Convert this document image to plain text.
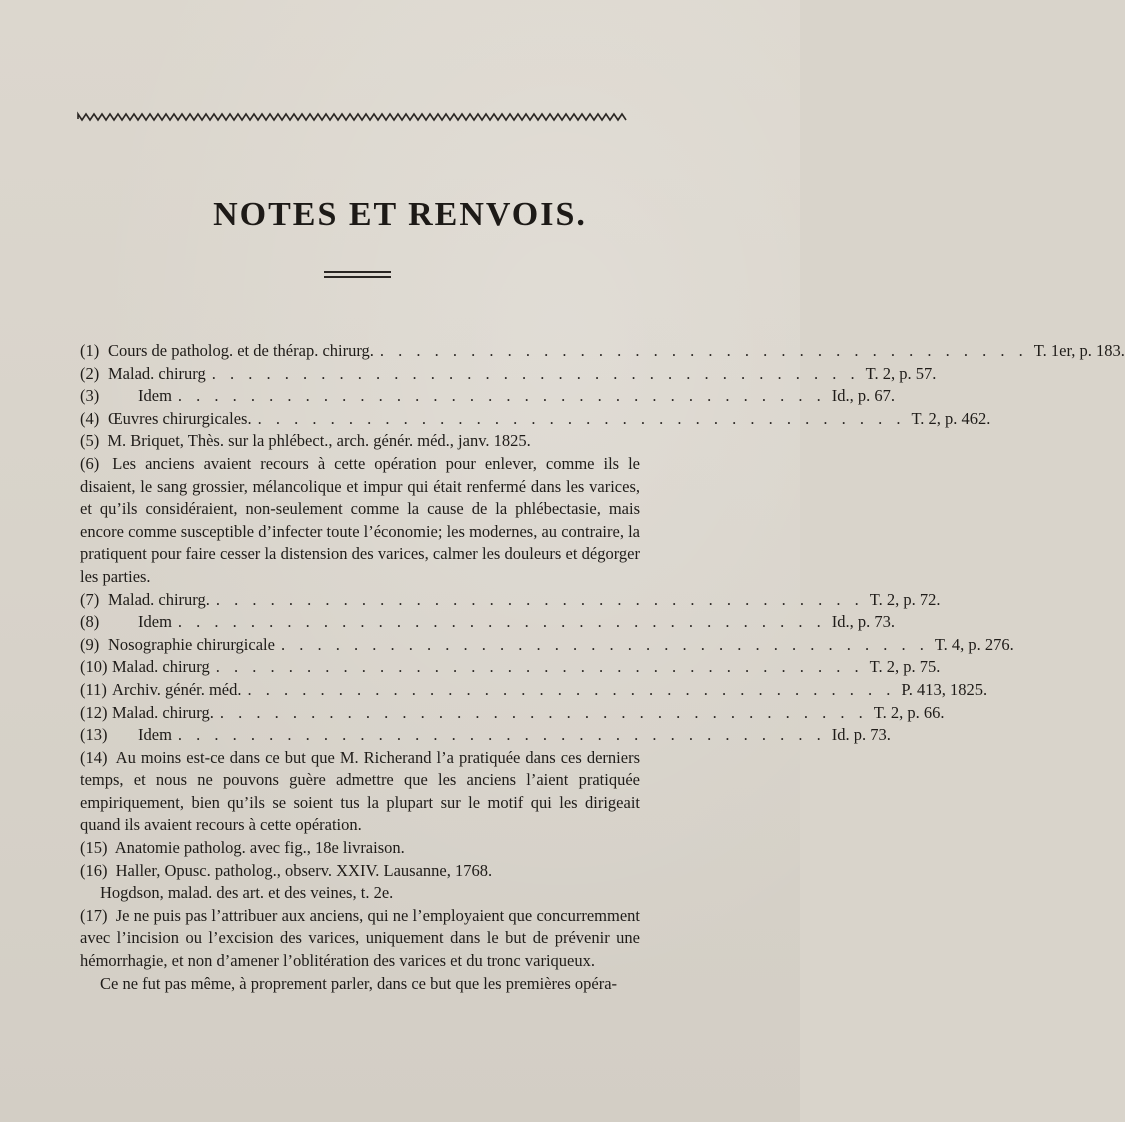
NOTES ET RENVOIS.
(1) Cours de patholog. et de thérap. chirurg. . . . . . . . . . . . . . . . . . . . . . . . . . . . . . . . . . . . . T. 1er, p. 183.
(2) Malad. chirurg . . . . . . . . . . . . . . . . . . . . . . . . . . . . . . . . . . . . T. 2, p. 57.
(3)	Idem . . . . . . . . . . . . . . . . . . . . . . . . . . . . . . . . . . . . Id., p. 67.
(4) Œuvres chirurgicales. . . . . . . . . . . . . . . . . . . . . . . . . . . . . . . . . . . . . T. 2, p. 462.
(5) M. Briquet, Thès. sur la phlébect., arch. génér. méd., janv. 1825.
(6) Les anciens avaient recours à cette opération pour enlever, comme ils le disaient, le sang grossier, mélancolique et impur qui était renfermé dans les varices, et qu’ils considéraient, non-seulement comme la cause de la phlébectasie, mais encore comme susceptible d’infecter toute l’économie; les modernes, au contraire, la pratiquent pour faire cesser la distension des varices, calmer les douleurs et dégorger les parties.
(7) Malad. chirurg. . . . . . . . . . . . . . . . . . . . . . . . . . . . . . . . . . . . . T. 2, p. 72.
(8)	Idem . . . . . . . . . . . . . . . . . . . . . . . . . . . . . . . . . . . . Id., p. 73.
(9) Nosographie chirurgicale . . . . . . . . . . . . . . . . . . . . . . . . . . . . . . . . . . . . T. 4, p. 276.
(10) Malad. chirurg . . . . . . . . . . . . . . . . . . . . . . . . . . . . . . . . . . . . T. 2, p. 75.
(11) Archiv. génér. méd. . . . . . . . . . . . . . . . . . . . . . . . . . . . . . . . . . . . . P. 413, 1825.
(12) Malad. chirurg. . . . . . . . . . . . . . . . . . . . . . . . . . . . . . . . . . . . . T. 2, p. 66.
(13) Idem . . . . . . . . . . . . . . . . . . . . . . . . . . . . . . . . . . . . Id. p. 73.
(14) Au moins est-ce dans ce but que M. Richerand l’a pratiquée dans ces derniers temps, et nous ne pouvons guère admettre que les anciens l’aient pratiquée empiriquement, bien qu’ils se soient tus la plupart sur le motif qui les dirigeait quand ils avaient recours à cette opération.
(15) Anatomie patholog. avec fig., 18e livraison.
(16) Haller, Opusc. patholog., observ. XXIV. Lausanne, 1768.
Hogdson, malad. des art. et des veines, t. 2e.
(17) Je ne puis pas l’attribuer aux anciens, qui ne l’employaient que concurremment avec l’incision ou l’excision des varices, uniquement dans le but de prévenir une hémorrhagie, et non d’amener l’oblitération des varices et du tronc variqueux.
Ce ne fut pas même, à proprement parler, dans ce but que les premières opéra-
